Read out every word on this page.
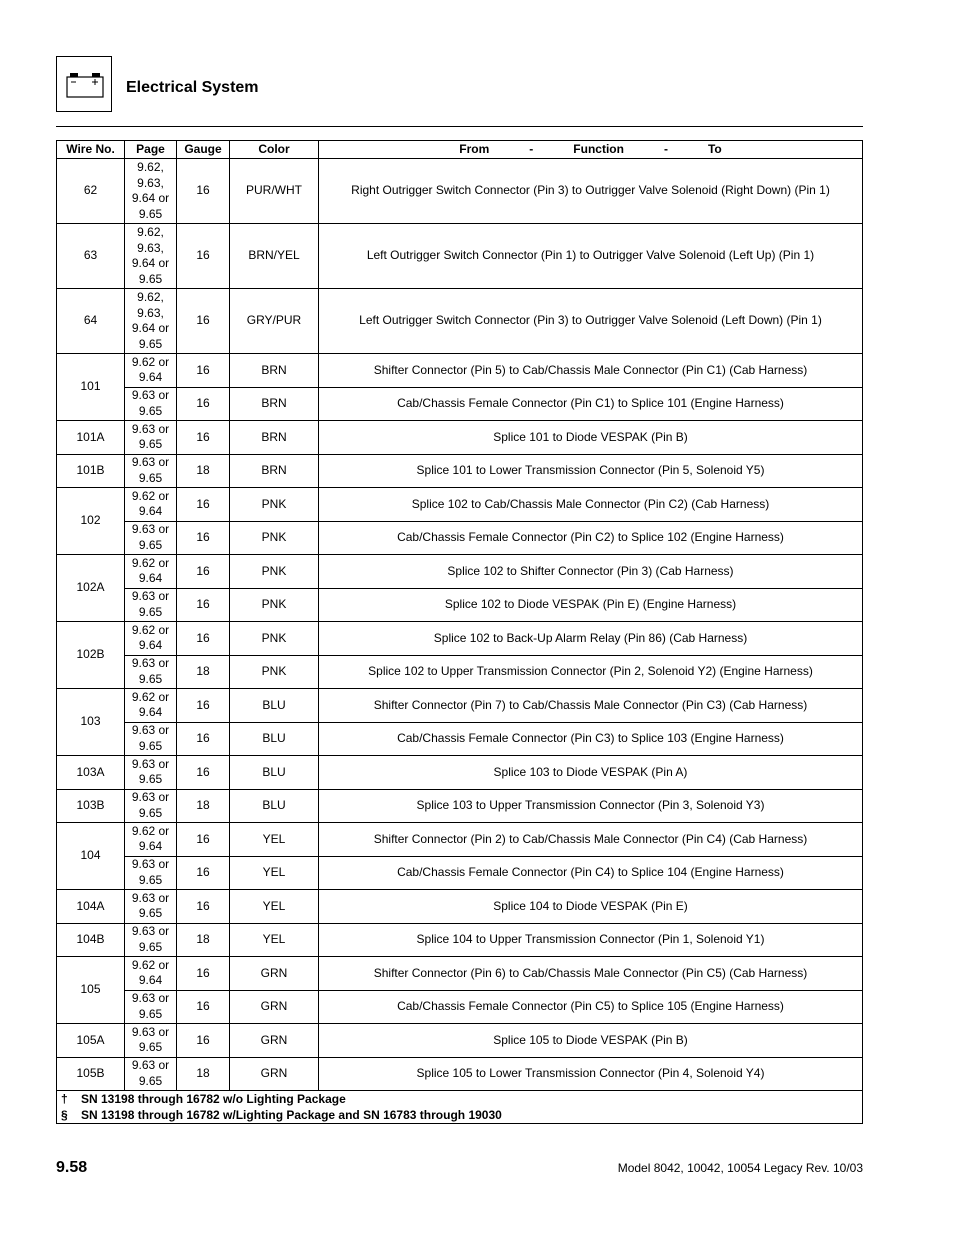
Electrical System
Wire No.	Page	Gauge	Color	From - Function - To

62	9.62, 9.63, 9.64 or 9.65	16	PUR/WHT	Right Outrigger Switch Connector (Pin 3) to Outrigger Valve Solenoid (Right Down) (Pin 1)
63	9.62, 9.63, 9.64 or 9.65	16	BRN/YEL	Left Outrigger Switch Connector (Pin 1) to Outrigger Valve Solenoid (Left Up) (Pin 1)
64	9.62, 9.63, 9.64 or 9.65	16	GRY/PUR	Left Outrigger Switch Connector (Pin 3) to Outrigger Valve Solenoid (Left Down) (Pin 1)
101	9.62 or 9.64	16	BRN	Shifter Connector (Pin 5) to Cab/Chassis Male Connector (Pin C1) (Cab Harness)
	9.63 or 9.65	16	BRN	Cab/Chassis Female Connector (Pin C1) to Splice 101 (Engine Harness)
101A	9.63 or 9.65	16	BRN	Splice 101 to Diode VESPAK (Pin B)
101B	9.63 or 9.65	18	BRN	Splice 101 to Lower Transmission Connector (Pin 5, Solenoid Y5)
102	9.62 or 9.64	16	PNK	Splice 102 to Cab/Chassis Male Connector (Pin C2) (Cab Harness)
	9.63 or 9.65	16	PNK	Cab/Chassis Female Connector (Pin C2) to Splice 102 (Engine Harness)
102A	9.62 or 9.64	16	PNK	Splice 102 to Shifter Connector (Pin 3) (Cab Harness)
	9.63 or 9.65	16	PNK	Splice 102 to Diode VESPAK (Pin E) (Engine Harness)
102B	9.62 or 9.64	16	PNK	Splice 102 to Back-Up Alarm Relay (Pin 86) (Cab Harness)
	9.63 or 9.65	18	PNK	Splice 102 to Upper Transmission Connector (Pin 2, Solenoid Y2) (Engine Harness)
103	9.62 or 9.64	16	BLU	Shifter Connector (Pin 7) to Cab/Chassis Male Connector (Pin C3) (Cab Harness)
	9.63 or 9.65	16	BLU	Cab/Chassis Female Connector (Pin C3) to Splice 103 (Engine Harness)
103A	9.63 or 9.65	16	BLU	Splice 103 to Diode VESPAK (Pin A)
103B	9.63 or 9.65	18	BLU	Splice 103 to Upper Transmission Connector (Pin 3, Solenoid Y3)
104	9.62 or 9.64	16	YEL	Shifter Connector (Pin 2) to Cab/Chassis Male Connector (Pin C4) (Cab Harness)
	9.63 or 9.65	16	YEL	Cab/Chassis Female Connector (Pin C4) to Splice 104 (Engine Harness)
104A	9.63 or 9.65	16	YEL	Splice 104 to Diode VESPAK (Pin E)
104B	9.63 or 9.65	18	YEL	Splice 104 to Upper Transmission Connector (Pin 1, Solenoid Y1)
105	9.62 or 9.64	16	GRN	Shifter Connector (Pin 6) to Cab/Chassis Male Connector (Pin C5) (Cab Harness)
	9.63 or 9.65	16	GRN	Cab/Chassis Female Connector (Pin C5) to Splice 105 (Engine Harness)
105A	9.63 or 9.65	16	GRN	Splice 105 to Diode VESPAK (Pin B)
105B	9.63 or 9.65	18	GRN	Splice 105 to Lower Transmission Connector (Pin 4, Solenoid Y4)

† SN 13198 through 16782 w/o Lighting Package
§ SN 13198 through 16782 w/Lighting Package and SN 16783 through 19030				
9.58	Model 8042, 10042, 10054 Legacy Rev. 10/03
